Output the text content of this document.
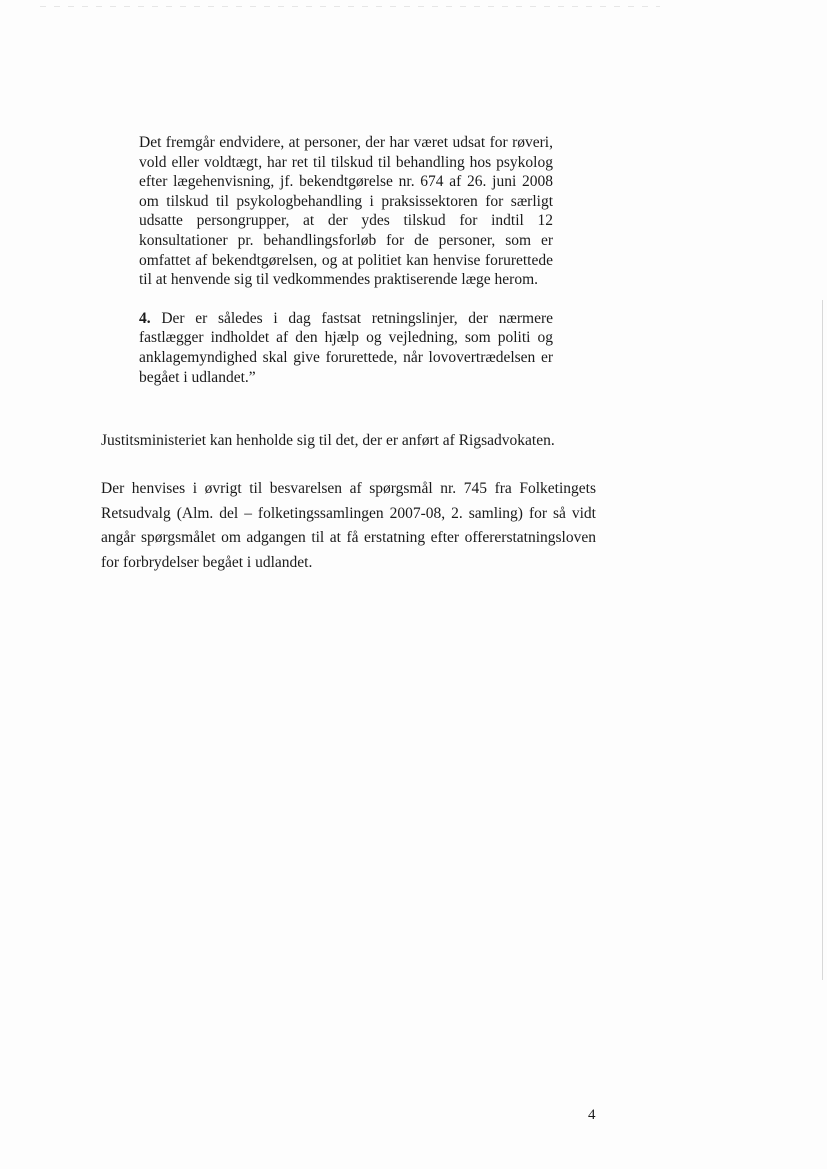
Det fremgår endvidere, at personer, der har været udsat for røveri, vold eller voldtægt, har ret til tilskud til behandling hos psykolog efter lægehenvisning, jf. bekendtgørelse nr. 674 af 26. juni 2008 om tilskud til psykologbehandling i praksissektoren for særligt udsatte persongrupper, at der ydes tilskud for indtil 12 konsultationer pr. behandlingsforløb for de personer, som er omfattet af bekendtgørelsen, og at politiet kan henvise forurettede til at henvende sig til vedkommendes praktiserende læge herom.

4. Der er således i dag fastsat retningslinjer, der nærmere fastlægger indholdet af den hjælp og vejledning, som politi og anklagemyndighed skal give forurettede, når lovovertrædelsen er begået i udlandet.”

Justitsministeriet kan henholde sig til det, der er anført af Rigsadvokaten.

Der henvises i øvrigt til besvarelsen af spørgsmål nr. 745 fra Folketingets Retsudvalg (Alm. del – folketingssamlingen 2007-08, 2. samling) for så vidt angår spørgsmålet om adgangen til at få erstatning efter offererstatningsloven for forbrydelser begået i udlandet.

4
